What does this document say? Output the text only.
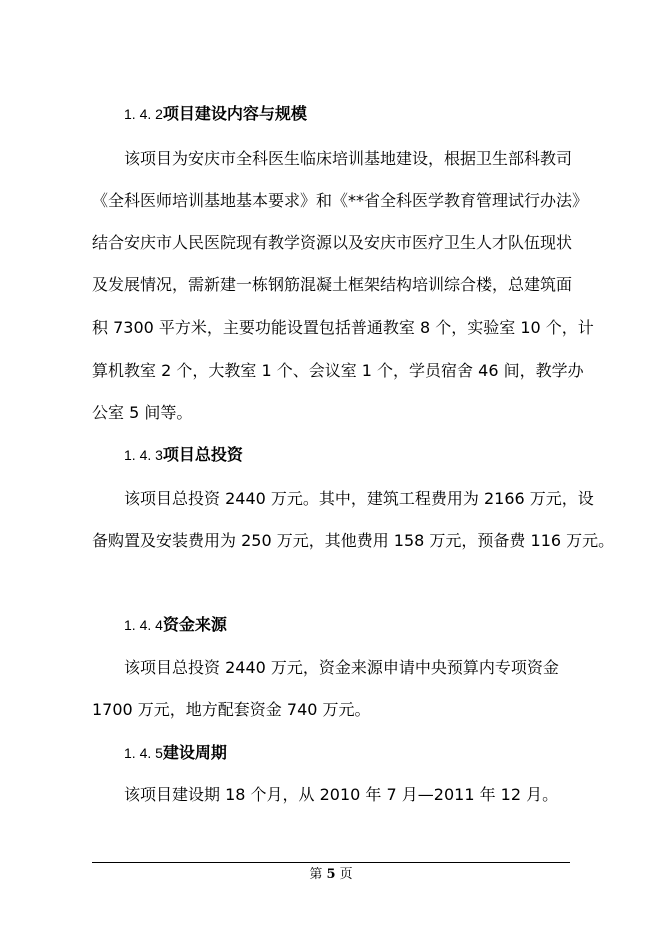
1. 4. 2项目建设内容与规模
该项目为安庆市全科医生临床培训基地建设，根据卫生部科教司
《全科医师培训基地基本要求》和《**省全科医学教育管理试行办法》
结合安庆市人民医院现有教学资源以及安庆市医疗卫生人才队伍现状
及发展情况，需新建一栋钢筋混凝土框架结构培训综合楼，总建筑面
积 7300 平方米，主要功能设置包括普通教室 8 个，实验室 10 个，计
算机教室 2 个，大教室 1 个、会议室 1 个，学员宿舍 46 间，教学办
公室 5 间等。
1. 4. 3项目总投资
该项目总投资 2440 万元。其中，建筑工程费用为 2166 万元，设
备购置及安装费用为 250 万元，其他费用 158 万元，预备费 116 万元。
1. 4. 4资金来源
该项目总投资 2440 万元，资金来源申请中央预算内专项资金
1700 万元，地方配套资金 740 万元。
1. 4. 5建设周期
该项目建设期 18 个月，从 2010 年 7 月—2011 年 12 月。
第 5 页
